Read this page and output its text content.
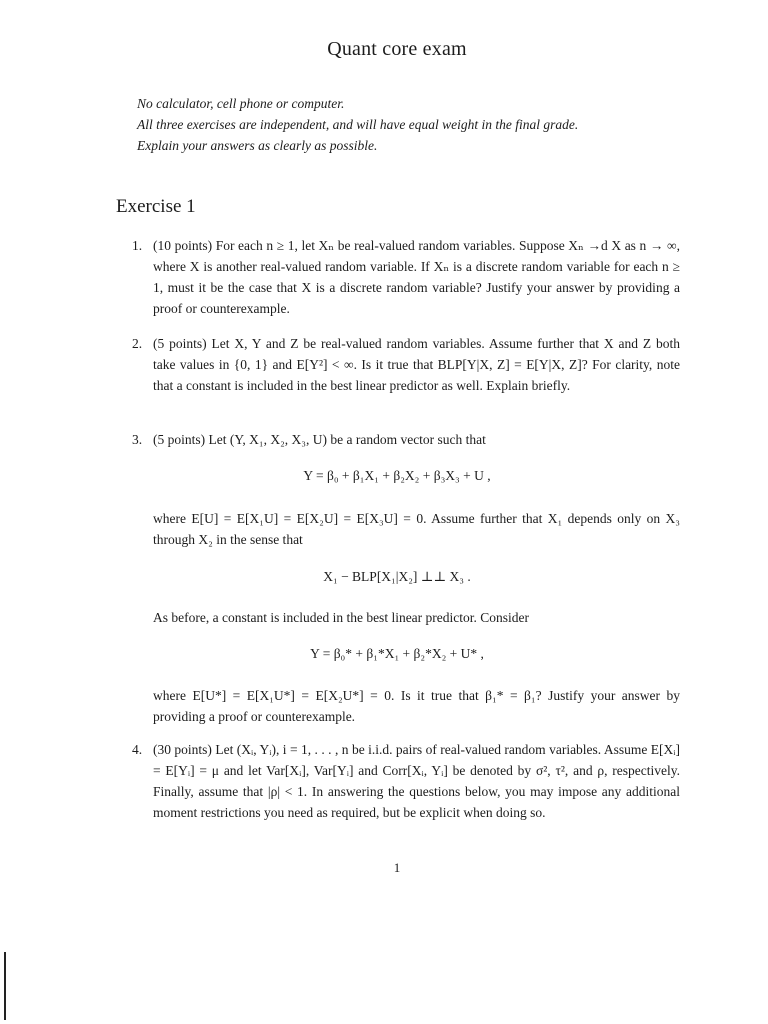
Quant core exam
No calculator, cell phone or computer.
All three exercises are independent, and will have equal weight in the final grade.
Explain your answers as clearly as possible.
Exercise 1
1. (10 points) For each n ≥ 1, let Xₙ be real-valued random variables. Suppose Xₙ →d X as n → ∞, where X is another real-valued random variable. If Xₙ is a discrete random variable for each n ≥ 1, must it be the case that X is a discrete random variable? Justify your answer by providing a proof or counterexample.

2. (5 points) Let X, Y and Z be real-valued random variables. Assume further that X and Z both take values in {0, 1} and E[Y²] < ∞. Is it true that BLP[Y|X, Z] = E[Y|X, Z]? For clarity, note that a constant is included in the best linear predictor as well. Explain briefly.

3. (5 points) Let (Y, X₁, X₂, X₃, U) be a random vector such that

Y = β₀ + β₁X₁ + β₂X₂ + β₃X₃ + U ,

where E[U] = E[X₁U] = E[X₂U] = E[X₃U] = 0. Assume further that X₁ depends only on X₃ through X₂ in the sense that

X₁ − BLP[X₁|X₂] ⊥⊥ X₃ .

As before, a constant is included in the best linear predictor. Consider

Y = β₀* + β₁*X₁ + β₂*X₂ + U* ,

where E[U*] = E[X₁U*] = E[X₂U*] = 0. Is it true that β₁* = β₁? Justify your answer by providing a proof or counterexample.

4. (30 points) Let (Xᵢ, Yᵢ), i = 1, . . . , n be i.i.d. pairs of real-valued random variables. Assume E[Xᵢ] = E[Yᵢ] = μ and let Var[Xᵢ], Var[Yᵢ] and Corr[Xᵢ, Yᵢ] be denoted by σ², τ², and ρ, respectively. Finally, assume that |ρ| < 1. In answering the questions below, you may impose any additional moment restrictions you need as required, but be explicit when doing so.

1
